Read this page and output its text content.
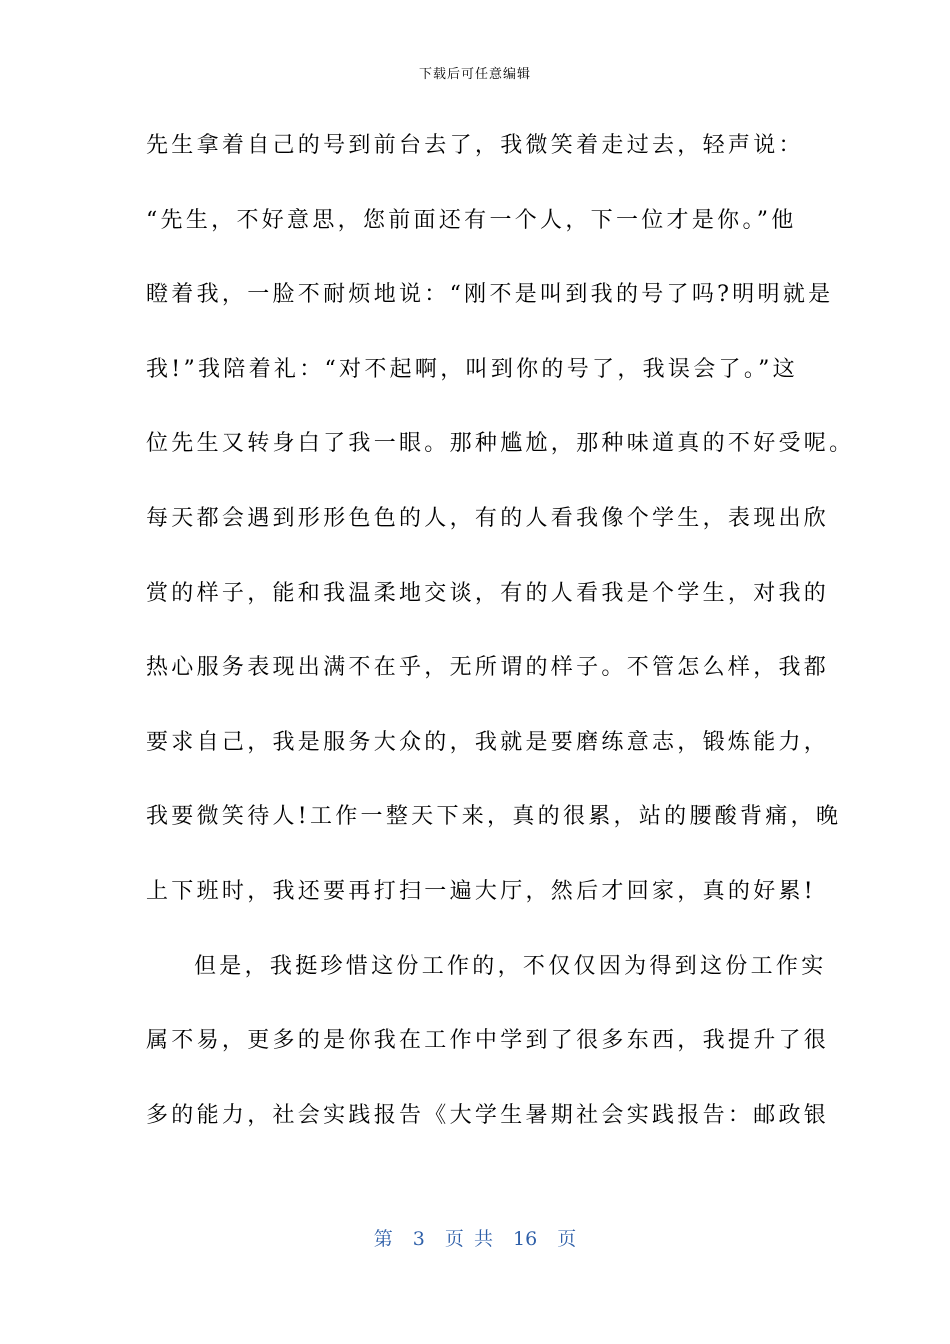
下载后可任意编辑
先生拿着自己的号到前台去了，我微笑着走过去，轻声说：
“先生，不好意思，您前面还有一个人，下一位才是你。”他
瞪着我，一脸不耐烦地说：“刚不是叫到我的号了吗?明明就是
我!”我陪着礼：“对不起啊，叫到你的号了，我误会了。”这
位先生又转身白了我一眼。那种尴尬，那种味道真的不好受呢。
每天都会遇到形形色色的人，有的人看我像个学生，表现出欣
赏的样子，能和我温柔地交谈，有的人看我是个学生，对我的
热心服务表现出满不在乎，无所谓的样子。不管怎么样，我都
要求自己，我是服务大众的，我就是要磨练意志，锻炼能力，
我要微笑待人!工作一整天下来，真的很累，站的腰酸背痛，晚
上下班时，我还要再打扫一遍大厅，然后才回家，真的好累!
但是，我挺珍惜这份工作的，不仅仅因为得到这份工作实
属不易，更多的是你我在工作中学到了很多东西，我提升了很
多的能力，社会实践报告《大学生暑期社会实践报告：邮政银
第 3 页 共 16 页
